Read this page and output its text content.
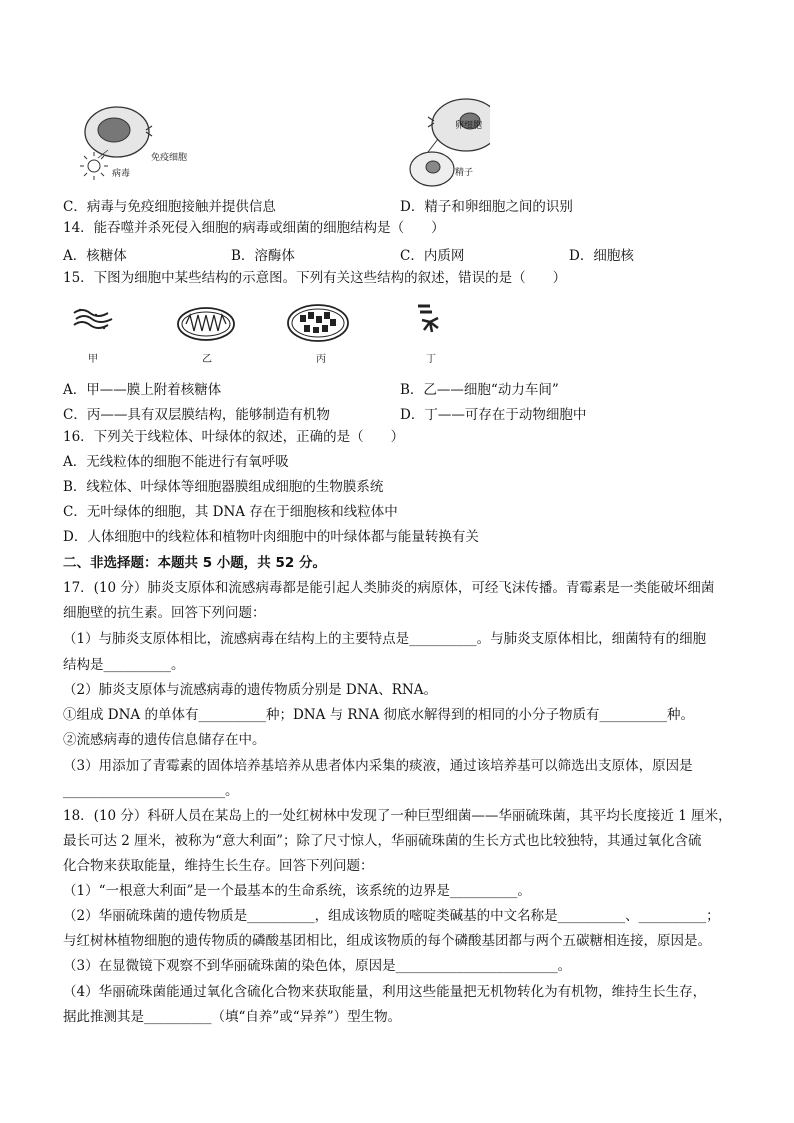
免疫细胞
病毒
卵细胞
精子
C．病毒与免疫细胞接触并提供信息	D．精子和卵细胞之间的识别
14．能吞噬并杀死侵入细胞的病毒或细菌的细胞结构是（　　）
A．核糖体	B．溶酶体	C．内质网	D．细胞核
15．下图为细胞中某些结构的示意图。下列有关这些结构的叙述，错误的是（　　）
甲	乙	丙	丁
A．甲——膜上附着核糖体	B．乙——细胞“动力车间”
C．丙——具有双层膜结构，能够制造有机物	D．丁——可存在于动物细胞中
16．下列关于线粒体、叶绿体的叙述，正确的是（　　）
A．无线粒体的细胞不能进行有氧呼吸
B．线粒体、叶绿体等细胞器膜组成细胞的生物膜系统
C．无叶绿体的细胞，其 DNA 存在于细胞核和线粒体中
D．人体细胞中的线粒体和植物叶肉细胞中的叶绿体都与能量转换有关
二、非选择题：本题共 5 小题，共 52 分。
17．(10 分）肺炎支原体和流感病毒都是能引起人类肺炎的病原体，可经飞沫传播。青霉素是一类能破坏细菌
细胞壁的抗生素。回答下列问题：
（1）与肺炎支原体相比，流感病毒在结构上的主要特点是__________。与肺炎支原体相比，细菌特有的细胞
结构是__________。
（2）肺炎支原体与流感病毒的遗传物质分别是 DNA、RNA。
①组成 DNA 的单体有__________种；DNA 与 RNA 彻底水解得到的相同的小分子物质有__________种。
②流感病毒的遗传信息储存在中。
（3）用添加了青霉素的固体培养基培养从患者体内采集的痰液，通过该培养基可以筛选出支原体，原因是
________________________。
18．(10 分）科研人员在某岛上的一处红树林中发现了一种巨型细菌——华丽硫珠菌，其平均长度接近 1 厘米，
最长可达 2 厘米，被称为“意大利面”；除了尺寸惊人，华丽硫珠菌的生长方式也比较独特，其通过氧化含硫
化合物来获取能量，维持生长生存。回答下列问题：
（1）“一根意大利面”是一个最基本的生命系统，该系统的边界是__________。
（2）华丽硫珠菌的遗传物质是__________，组成该物质的嘧啶类碱基的中文名称是__________、__________；
与红树林植物细胞的遗传物质的磷酸基团相比，组成该物质的每个磷酸基团都与两个五碳糖相连接，原因是。
（3）在显微镜下观察不到华丽硫珠菌的染色体，原因是________________________。
（4）华丽硫珠菌能通过氧化含硫化合物来获取能量，利用这些能量把无机物转化为有机物，维持生长生存，
据此推测其是__________（填“自养”或“异养”）型生物。
